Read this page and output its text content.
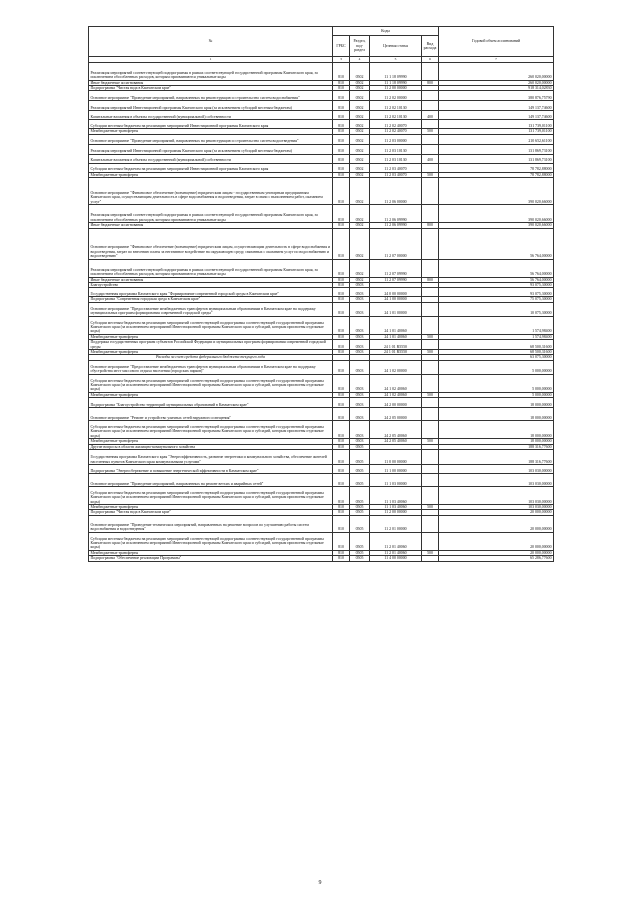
№	Коды				Годовой объем ассигнований
	ГРБС	Раздел, под-раздел	Целевая статья	Вид расхода	
1	3	4	5	6	7
Реализация мероприятий соответствующей подпрограммы в рамках соответствующей государственной программы Камчатского края, за исключением обособленных расходов, которым присваиваются уникальные коды	810	0502	11 1 18 09990		260 020,00000
Иные бюджетные ассигнования	810	0502	11 1 18 09990	800	260 020,00000
Подпрограмма "Чистая вода в Камчатском крае"	810	0502	11 2 00 00000		918 314,02830
Основное мероприятие "Проведение мероприятий, направленных на реконструкцию и строительство систем водоснабжения"	810	0502	11 2 02 00000		380 876,75790
Реализация мероприятий Инвестиционной программы Камчатского края (за исключением субсидий местным бюджетам)	810	0502	11 2 02 10130		149 137,74600
Капитальные вложения в объекты государственной (муниципальной) собственности	810	0502	11 2 02 10130	400	149 137,74600
Субсидии местным бюджетам на реализацию мероприятий Инвестиционной программы Камчатского края	810	0502	11 2 02 40070		131 739,01100
Межбюджетные трансферты	810	0502	11 2 02 40070	500	131 739,01100
Основное мероприятие "Проведение мероприятий, направленных на реконструкцию и строительство систем водоотведения"	810	0502	11 2 03 00000		210 652,61100
Реализация мероприятий Инвестиционной программы Камчатского края (за исключением субсидий местным бюджетам)	810	0502	11 2 03 10130		131 869,73100
Капитальные вложения в объекты государственной (муниципальной) собственности	810	0502	11 2 03 10130	400	131 869,73100
Субсидии местным бюджетам на реализацию мероприятий Инвестиционной программы Камчатского края	810	0502	11 2 03 40070		78 782,88000
Межбюджетные трансферты	810	0502	11 2 03 40070	500	78 782,88000
Основное мероприятие "Финансовое обеспечение (возмещение) юридическим лицам - государственным унитарным предприятиям Камчатского края, осуществляющим деятельность в сфере водоснабжения и водоотведения, затрат в связи с выполнением работ, оказанием услуг"	810	0502	11 2 06 00000		390 020,66000
Реализация мероприятий соответствующей подпрограммы в рамках соответствующей государственной программы Камчатского края, за исключением обособленных расходов, которым присваиваются уникальные коды	810	0502	11 2 06 09990		390 020,66000
Иные бюджетные ассигнования	810	0502	11 2 06 09990	800	390 020,66000
Основное мероприятие "Финансовое обеспечение (возмещение) юридическим лицам, осуществляющим деятельность в сфере водоснабжения и водоотведения, затрат по внесению платы за негативное воздействие на окружающую среду, связанных с оказанием услуг по водоснабжению и водоотведению"	810	0502	11 2 07 00000		56 764,00000
Реализация мероприятий соответствующей подпрограммы в рамках соответствующей государственной программы Камчатского края, за исключением обособленных расходов, которым присваиваются уникальные коды	810	0502	11 2 07 09990		56 764,00000
Иные бюджетные ассигнования	810	0502	11 2 07 09990	800	56 764,00000
Благоустройство	810	0503			93 075,30000
Государственная программа Камчатского края "Формирование современной городской среды в Камчатском крае"	810	0503	24 0 00 00000		93 075,30000
Подпрограмма "Современная городская среда в Камчатском крае"	810	0503	24 1 00 00000		75 075,30000
Основное мероприятие "Предоставление межбюджетных трансфертов муниципальным образованиям в Камчатском крае на поддержку муниципальных программ формирования современной городской среды"	810	0503	24 1 01 00000		10 075,30000
Субсидии местным бюджетам на реализацию мероприятий соответствующей подпрограммы соответствующей государственной программы Камчатского края (за исключением мероприятий Инвестиционной программы Камчатского края и субсидий, которым присвоены отдельные коды)	810	0503	24 1 01 40060		1 574,98400
Межбюджетные трансферты	810	0503	24 1 01 40060	500	1 574,98400
Поддержка государственных программ субъектов Российской Федерации и муниципальных программ формирования современной городской среды	810	0503	24 1 01 R5550		68 500,31600
Межбюджетные трансферты	810	0503	24 1 01 R5550	500	68 500,31600
Расходы за счет средств федерального бюджета текущего года					63 075,30000
Основное мероприятие "Предоставление межбюджетных трансфертов муниципальным образованиям в Камчатском крае на поддержку обустройства мест массового отдыха населения (городских парков)"	810	0503	24 1 02 00000		5 000,00000
Субсидии местным бюджетам на реализацию мероприятий соответствующей подпрограммы соответствующей государственной программы Камчатского края (за исключением мероприятий Инвестиционной программы Камчатского края и субсидий, которым присвоены отдельные коды)	810	0503	24 1 02 40060		5 000,00000
Межбюджетные трансферты	810	0503	24 1 02 40060	500	5 000,00000
Подпрограмма "Благоустройство территорий муниципальных образований в Камчатском крае"	810	0503	24 2 00 00000		18 000,00000
Основное мероприятие "Ремонт и устройство уличных сетей наружного освещения"	810	0503	24 2 05 00000		18 000,00000
Субсидии местным бюджетам на реализацию мероприятий соответствующей подпрограммы соответствующей государственной программы Камчатского края (за исключением мероприятий Инвестиционной программы Камчатского края и субсидий, которым присвоены отдельные коды)	810	0503	24 2 05 40060		18 000,00000
Межбюджетные трансферты	810	0503	24 2 05 40060	500	18 000,00000
Другие вопросы в области жилищно-коммунального хозяйства	810	0505			188 316,77600
Государственная программа Камчатского края "Энергоэффективность, развитие энергетики и коммунального хозяйства, обеспечение жителей населенных пунктов Камчатского края коммунальными услугами"	810	0505	11 0 00 00000		188 316,77600
Подпрограмма "Энергосбережение и повышение энергетической эффективности в Камчатском крае"	810	0505	11 1 00 00000		103 030,00000
Основное мероприятие "Проведение мероприятий, направленных на ремонт ветхих и аварийных сетей"	810	0505	11 1 03 00000		103 030,00000
Субсидии местным бюджетам на реализацию мероприятий соответствующей подпрограммы соответствующей государственной программы Камчатского края (за исключением мероприятий Инвестиционной программы Камчатского края и субсидий, которым присвоены отдельные коды)	810	0505	11 1 03 40060		103 030,00000
Межбюджетные трансферты	810	0505	11 1 03 40060	500	103 030,00000
Подпрограмма "Чистая вода в Камчатском крае"	810	0505	11 2 00 00000		20 000,00000
Основное мероприятие "Проведение технических мероприятий, направленных на решение вопросов по улучшению работы систем водоснабжения и водоотведения"	810	0505	11 2 01 00000		20 000,00000
Субсидии местным бюджетам на реализацию мероприятий соответствующей подпрограммы соответствующей государственной программы Камчатского края (за исключением мероприятий Инвестиционной программы Камчатского края и субсидий, которым присвоены отдельные коды)	810	0505	11 2 01 40060		20 000,00000
Межбюджетные трансферты	810	0505	11 2 01 40060	500	20 000,00000
Подпрограмма "Обеспечение реализации Программы"	810	0505	11 4 00 00000		65 286,77600
9
